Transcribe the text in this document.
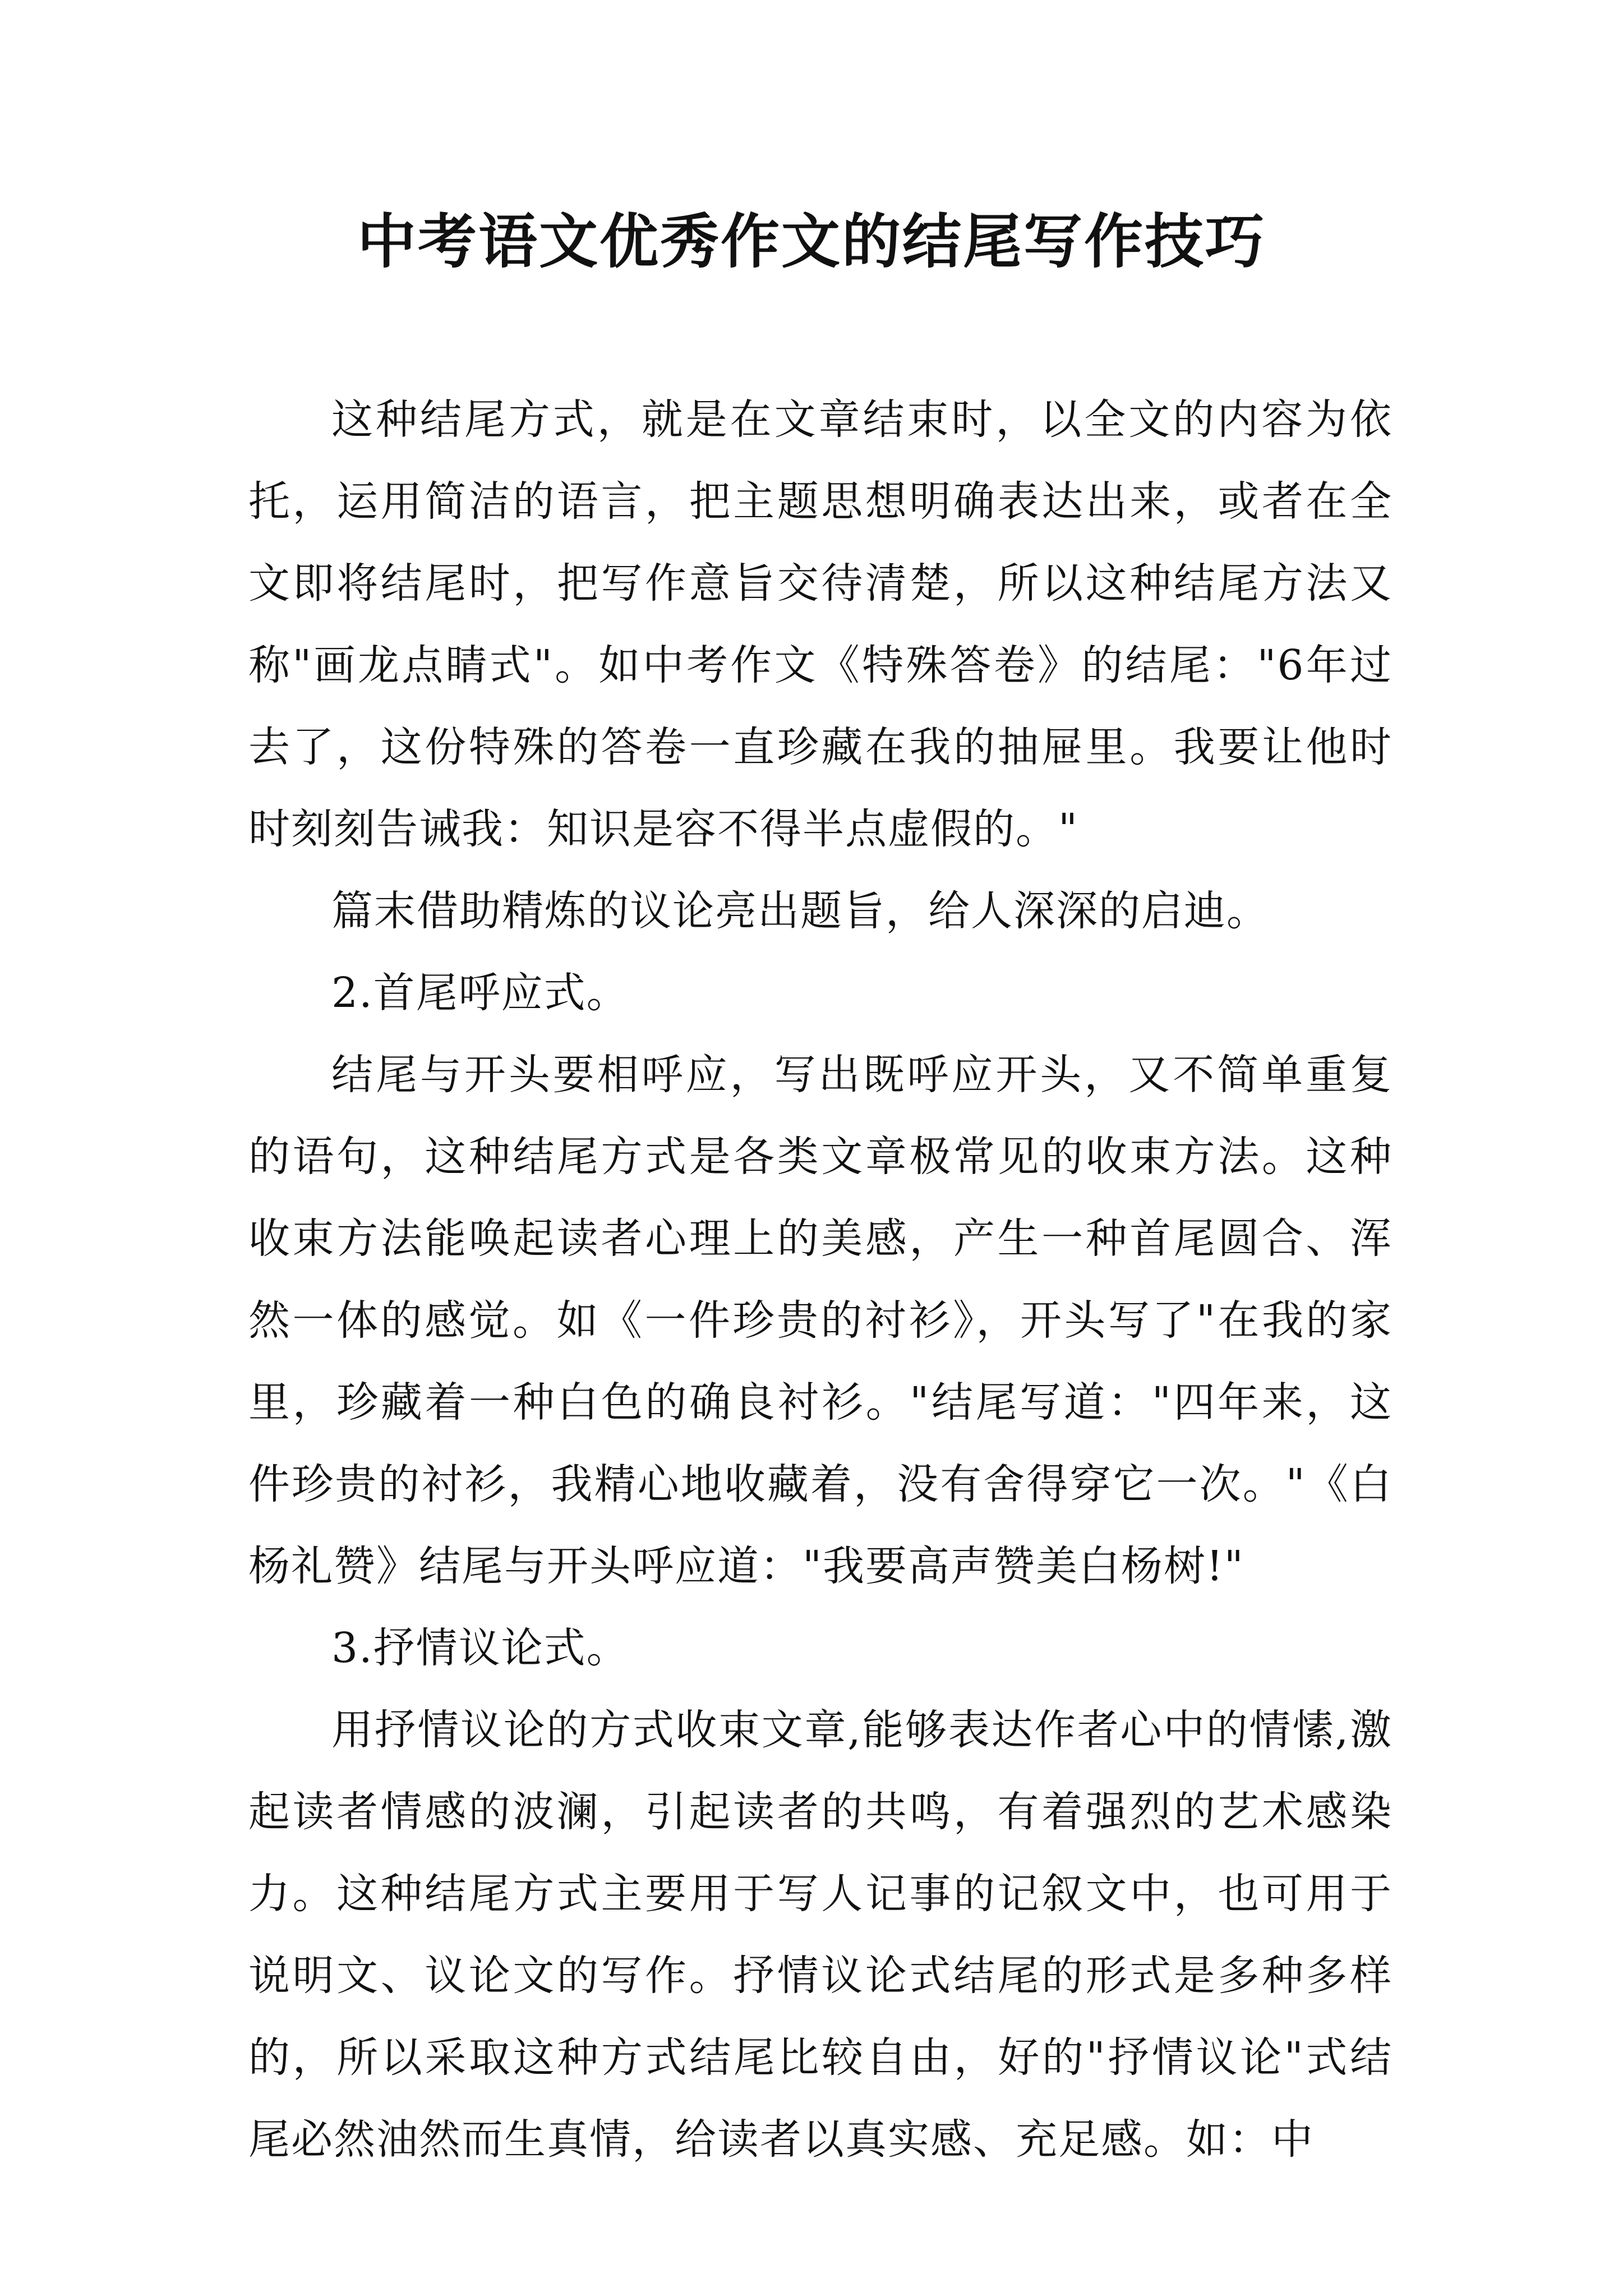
中考语文优秀作文的结尾写作技巧

这种结尾方式，就是在文章结束时，以全文的内容为依托，运用简洁的语言，把主题思想明确表达出来，或者在全文即将结尾时，把写作意旨交待清楚，所以这种结尾方法又称"画龙点睛式"。如中考作文《特殊答卷》的结尾："6年过去了，这份特殊的答卷一直珍藏在我的抽屉里。我要让他时时刻刻告诫我：知识是容不得半点虚假的。"

篇末借助精炼的议论亮出题旨，给人深深的启迪。

2.首尾呼应式。

结尾与开头要相呼应，写出既呼应开头，又不简单重复的语句，这种结尾方式是各类文章极常见的收束方法。这种收束方法能唤起读者心理上的美感，产生一种首尾圆合、浑然一体的感觉。如《一件珍贵的衬衫》，开头写了"在我的家里，珍藏着一种白色的确良衬衫。"结尾写道："四年来，这件珍贵的衬衫，我精心地收藏着，没有舍得穿它一次。"《白杨礼赞》结尾与开头呼应道："我要高声赞美白杨树!"

3.抒情议论式。

用抒情议论的方式收束文章,能够表达作者心中的情愫,激起读者情感的波澜，引起读者的共鸣，有着强烈的艺术感染力。这种结尾方式主要用于写人记事的记叙文中，也可用于说明文、议论文的写作。抒情议论式结尾的形式是多种多样的，所以采取这种方式结尾比较自由，好的"抒情议论"式结尾必然油然而生真情，给读者以真实感、充足感。如：中
